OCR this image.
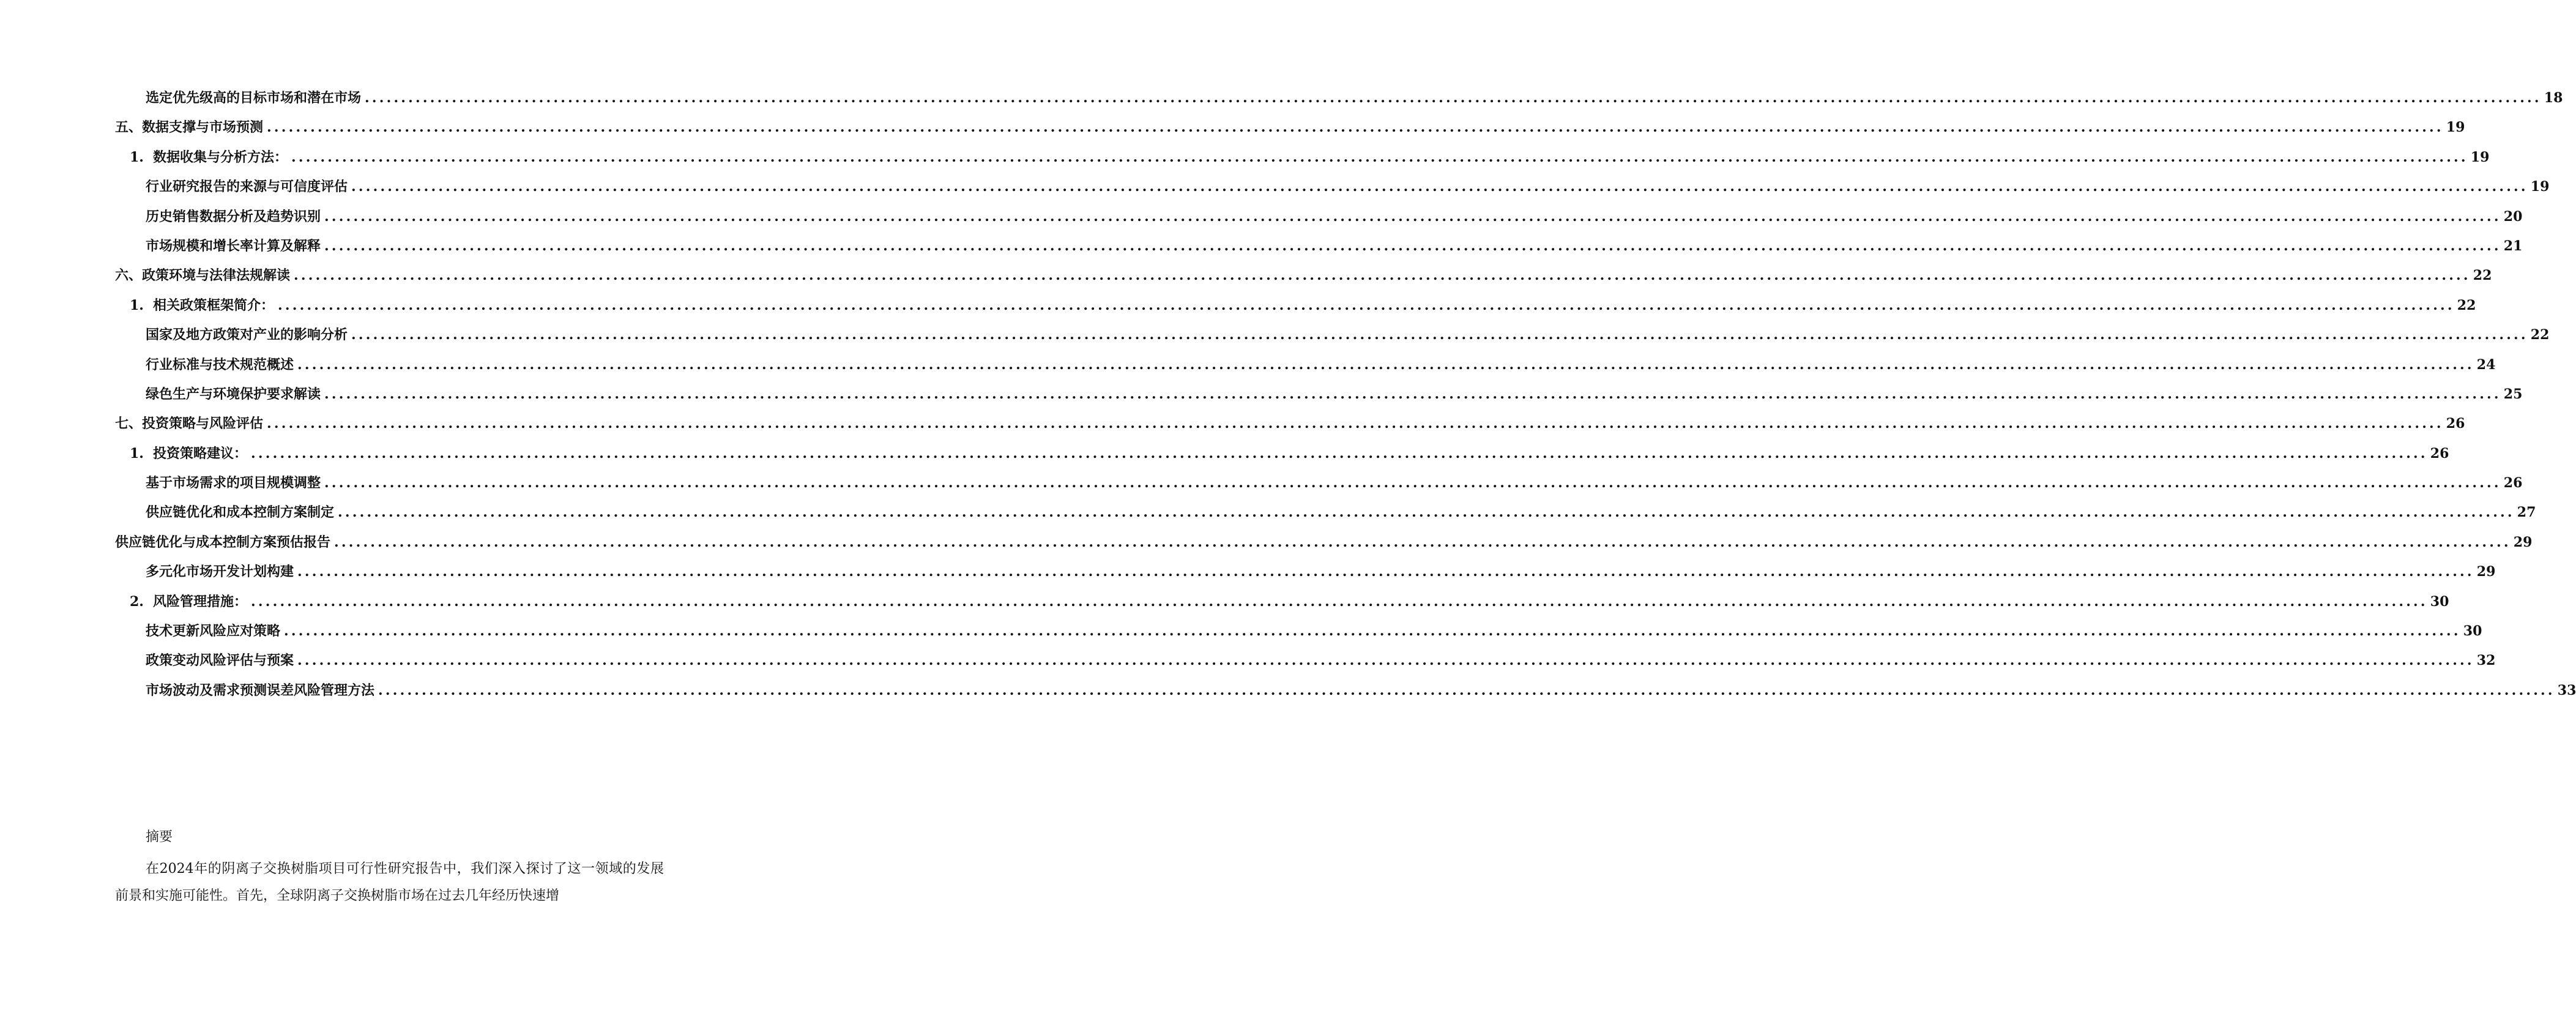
选定优先级高的目标市场和潜在市场 ............................................................................................................................................................................................................................................................................................................ 18
五、数据支撑与市场预测 ............................................................................................................................................................................................................................................................................................................ 19
1. 数据收集与分析方法： ............................................................................................................................................................................................................................................................................................................ 19
行业研究报告的来源与可信度评估 ............................................................................................................................................................................................................................................................................................................ 19
历史销售数据分析及趋势识别 ............................................................................................................................................................................................................................................................................................................ 20
市场规模和增长率计算及解释 ............................................................................................................................................................................................................................................................................................................ 21
六、政策环境与法律法规解读 ............................................................................................................................................................................................................................................................................................................ 22
1. 相关政策框架简介： ............................................................................................................................................................................................................................................................................................................ 22
国家及地方政策对产业的影响分析 ............................................................................................................................................................................................................................................................................................................ 22
行业标准与技术规范概述 ............................................................................................................................................................................................................................................................................................................ 24
绿色生产与环境保护要求解读 ............................................................................................................................................................................................................................................................................................................ 25
七、投资策略与风险评估 ............................................................................................................................................................................................................................................................................................................ 26
1. 投资策略建议： ............................................................................................................................................................................................................................................................................................................ 26
基于市场需求的项目规模调整 ............................................................................................................................................................................................................................................................................................................ 26
供应链优化和成本控制方案制定 ............................................................................................................................................................................................................................................................................................................ 27
供应链优化与成本控制方案预估报告 ............................................................................................................................................................................................................................................................................................................ 29
多元化市场开发计划构建 ............................................................................................................................................................................................................................................................................................................ 29
2. 风险管理措施： ............................................................................................................................................................................................................................................................................................................ 30
技术更新风险应对策略 ............................................................................................................................................................................................................................................................................................................ 30
政策变动风险评估与预案 ............................................................................................................................................................................................................................................................................................................ 32
市场波动及需求预测误差风险管理方法 ............................................................................................................................................................................................................................................................................................................ 33

摘要

在2024年的阴离子交换树脂项目可行性研究报告中，我们深入探讨了这一领域的发展前景和实施可能性。首先，全球阴离子交换树脂市场在过去几年经历快速增
